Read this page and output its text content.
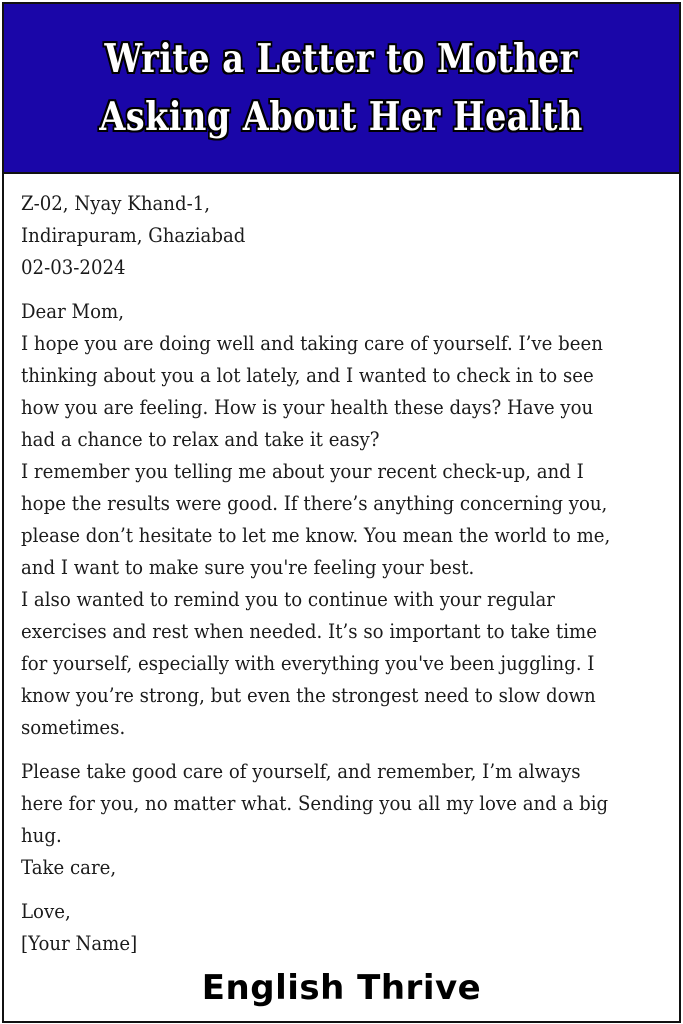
Write a Letter to Mother
Asking About Her Health
Z-02, Nyay Khand-1,
Indirapuram, Ghaziabad
02-03-2024
Dear Mom,
I hope you are doing well and taking care of yourself. I’ve been
thinking about you a lot lately, and I wanted to check in to see
how you are feeling. How is your health these days? Have you
had a chance to relax and take it easy?
I remember you telling me about your recent check-up, and I
hope the results were good. If there’s anything concerning you,
please don’t hesitate to let me know. You mean the world to me,
and I want to make sure you're feeling your best.
I also wanted to remind you to continue with your regular
exercises and rest when needed. It’s so important to take time
for yourself, especially with everything you've been juggling. I
know you’re strong, but even the strongest need to slow down
sometimes.
Please take good care of yourself, and remember, I’m always
here for you, no matter what. Sending you all my love and a big
hug.
Take care,
Love,
[Your Name]
English Thrive
